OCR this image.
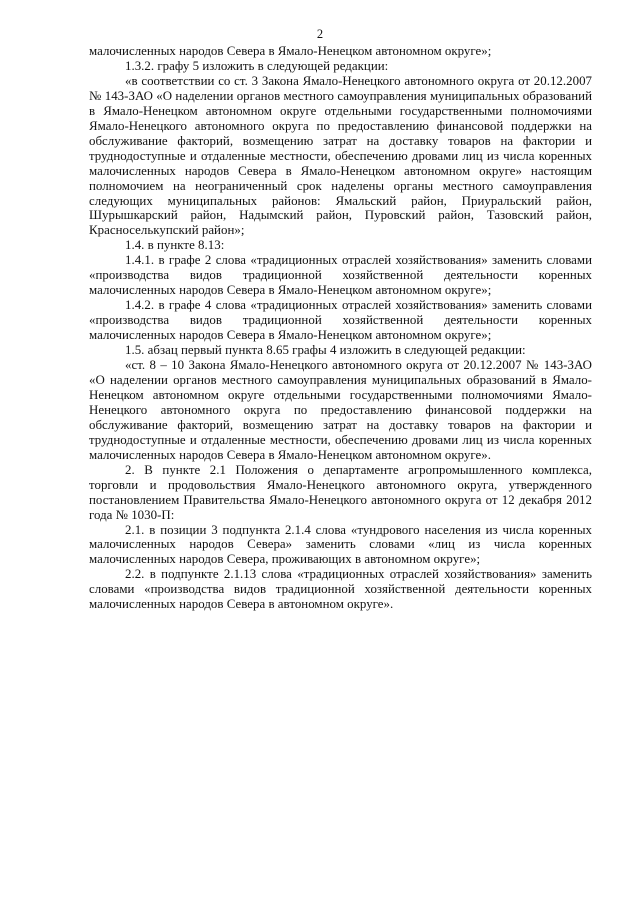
2

малочисленных народов Севера в Ямало-Ненецком автономном округе»;

1.3.2. графу 5 изложить в следующей редакции:

«в соответствии со ст. 3 Закона Ямало-Ненецкого автономного округа от 20.12.2007 № 143-ЗАО «О наделении органов местного самоуправления муниципальных образований в Ямало-Ненецком автономном округе отдельными государственными полномочиями Ямало-Ненецкого автономного округа по предоставлению финансовой поддержки на обслуживание факторий, возмещению затрат на доставку товаров на фактории и труднодоступные и отдаленные местности, обеспечению дровами лиц из числа коренных малочисленных народов Севера в Ямало-Ненецком автономном округе» настоящим полномочием на неограниченный срок наделены органы местного самоуправления следующих муниципальных районов: Ямальский район, Приуральский район, Шурышкарский район, Надымский район, Пуровский район, Тазовский район, Красноселькупский район»;

1.4. в пункте 8.13:

1.4.1. в графе 2 слова «традиционных отраслей хозяйствования» заменить словами «производства видов традиционной хозяйственной деятельности коренных малочисленных народов Севера в Ямало-Ненецком автономном округе»;

1.4.2. в графе 4 слова «традиционных отраслей хозяйствования» заменить словами «производства видов традиционной хозяйственной деятельности коренных малочисленных народов Севера в Ямало-Ненецком автономном округе»;

1.5. абзац первый пункта 8.65 графы 4 изложить в следующей редакции:

«ст. 8 – 10 Закона Ямало-Ненецкого автономного округа от 20.12.2007 № 143-ЗАО «О наделении органов местного самоуправления муниципальных образований в Ямало-Ненецком автономном округе отдельными государственными полномочиями Ямало-Ненецкого автономного округа по предоставлению финансовой поддержки на обслуживание факторий, возмещению затрат на доставку товаров на фактории и труднодоступные и отдаленные местности, обеспечению дровами лиц из числа коренных малочисленных народов Севера в Ямало-Ненецком автономном округе».

2. В пункте 2.1 Положения о департаменте агропромышленного комплекса, торговли и продовольствия Ямало-Ненецкого автономного округа, утвержденного постановлением Правительства Ямало-Ненецкого автономного округа от 12 декабря 2012 года № 1030-П:

2.1. в позиции 3 подпункта 2.1.4 слова «тундрового населения из числа коренных малочисленных народов Севера» заменить словами «лиц из числа коренных малочисленных народов Севера, проживающих в автономном округе»;

2.2. в подпункте 2.1.13 слова «традиционных отраслей хозяйствования» заменить словами «производства видов традиционной хозяйственной деятельности коренных малочисленных народов Севера в автономном округе».
